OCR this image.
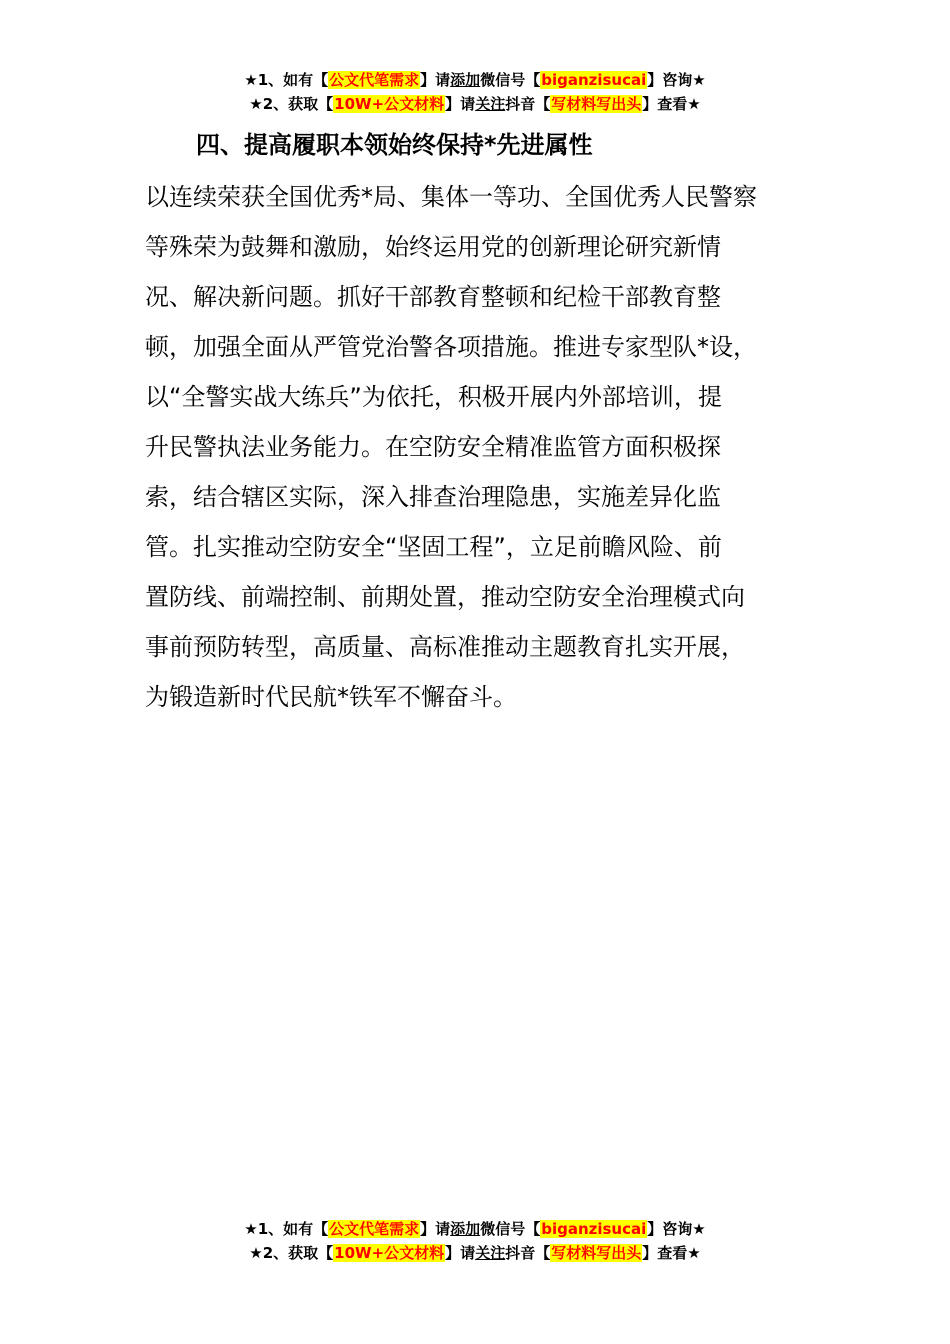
★1、如有【公文代笔需求】请添加微信号【biganzisucai】咨询★
★2、获取【10W+公文材料】请关注抖音【写材料写出头】查看★
四、提高履职本领始终保持*先进属性
以连续荣获全国优秀*局、集体一等功、全国优秀人民警察
等殊荣为鼓舞和激励，始终运用党的创新理论研究新情
况、解决新问题。抓好干部教育整顿和纪检干部教育整
顿，加强全面从严管党治警各项措施。推进专家型队*设，
以“全警实战大练兵”为依托，积极开展内外部培训，提
升民警执法业务能力。在空防安全精准监管方面积极探
索，结合辖区实际，深入排查治理隐患，实施差异化监
管。扎实推动空防安全“坚固工程”，立足前瞻风险、前
置防线、前端控制、前期处置，推动空防安全治理模式向
事前预防转型，高质量、高标准推动主题教育扎实开展，
为锻造新时代民航*铁军不懈奋斗。
★1、如有【公文代笔需求】请添加微信号【biganzisucai】咨询★
★2、获取【10W+公文材料】请关注抖音【写材料写出头】查看★
